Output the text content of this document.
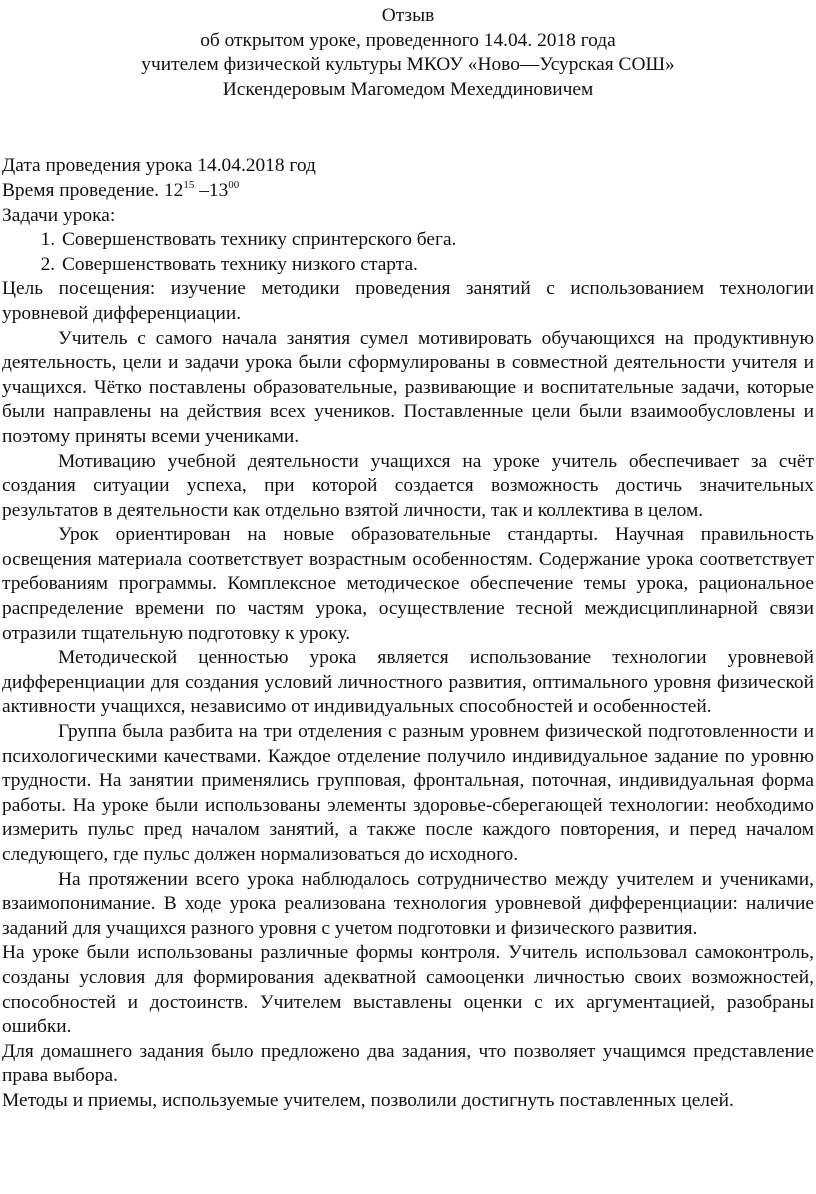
Отзыв
об открытом уроке, проведенного 14.04. 2018 года
учителем физической культуры МКОУ «Ново—Усурская СОШ»
Искендеровым Магомедом Мехеддиновичем
Дата проведения урока 14.04.2018 год
Время проведение. $12^{15}$ $-13^{00}$
Задачи урока:
1. Совершенствовать технику спринтерского бега.
2. Совершенствовать технику низкого старта.

Цель посещения: изучение методики проведения занятий с использованием технологии уровневой дифференциации.

Учитель с самого начала занятия сумел мотивировать обучающихся на продуктивную деятельность, цели и задачи урока были сформулированы в совместной деятельности учителя и учащихся. Чётко поставлены образовательные, развивающие и воспитательные задачи, которые были направлены на действия всех учеников. Поставленные цели были взаимообусловлены и поэтому приняты всеми учениками.

Мотивацию учебной деятельности учащихся на уроке учитель обеспечивает за счёт создания ситуации успеха, при которой создается возможность достичь значительных результатов в деятельности как отдельно взятой личности, так и коллектива в целом.

Урок ориентирован на новые образовательные стандарты. Научная правильность освещения материала соответствует возрастным особенностям. Содержание урока соответствует требованиям программы. Комплексное методическое обеспечение темы урока, рациональное распределение времени по частям урока, осуществление тесной междисциплинарной связи отразили тщательную подготовку к уроку.

Методической ценностью урока является использование технологии уровневой дифференциации для создания условий личностного развития, оптимального уровня физической активности учащихся, независимо от индивидуальных способностей и особенностей.

Группа была разбита на три отделения с разным уровнем физической подготовленности и психологическими качествами. Каждое отделение получило индивидуальное задание по уровню трудности. На занятии применялись групповая, фронтальная, поточная, индивидуальная форма работы. На уроке были использованы элементы здоровье-сберегающей технологии: необходимо измерить пульс пред началом занятий, а также после каждого повторения, и перед началом следующего, где пульс должен нормализоваться до исходного.

На протяжении всего урока наблюдалось сотрудничество между учителем и учениками, взаимопонимание. В ходе урока реализована технология уровневой дифференциации: наличие заданий для учащихся разного уровня с учетом подготовки и физического развития.

На уроке были использованы различные формы контроля. Учитель использовал самоконтроль, созданы условия для формирования адекватной самооценки личностью своих возможностей, способностей и достоинств. Учителем выставлены оценки с их аргументацией, разобраны ошибки.

Для домашнего задания было предложено два задания, что позволяет учащимся представление права выбора.

Методы и приемы, используемые учителем, позволили достигнуть поставленных целей.
